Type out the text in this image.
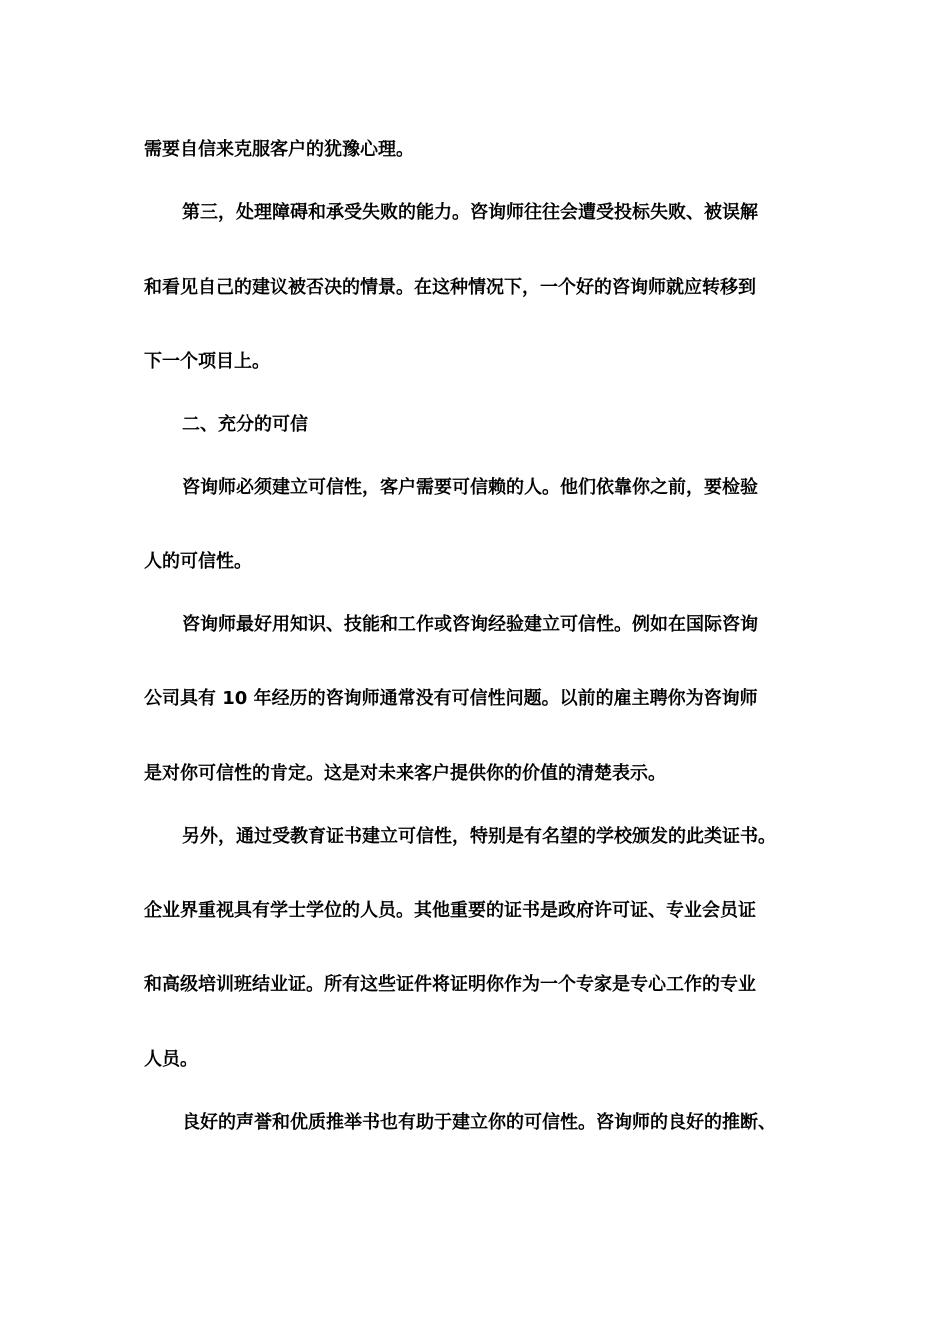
需要自信来克服客户的犹豫心理。
第三，处理障碍和承受失败的能力。咨询师往往会遭受投标失败、被误解
和看见自己的建议被否决的情景。在这种情况下，一个好的咨询师就应转移到
下一个项目上。
二、充分的可信
咨询师必须建立可信性，客户需要可信赖的人。他们依靠你之前，要检验
人的可信性。
咨询师最好用知识、技能和工作或咨询经验建立可信性。例如在国际咨询
公司具有 10 年经历的咨询师通常没有可信性问题。以前的雇主聘你为咨询师
是对你可信性的肯定。这是对未来客户提供你的价值的清楚表示。
另外，通过受教育证书建立可信性，特别是有名望的学校颁发的此类证书。
企业界重视具有学士学位的人员。其他重要的证书是政府许可证、专业会员证
和高级培训班结业证。所有这些证件将证明你作为一个专家是专心工作的专业
人员。
良好的声誉和优质推举书也有助于建立你的可信性。咨询师的良好的推断、
